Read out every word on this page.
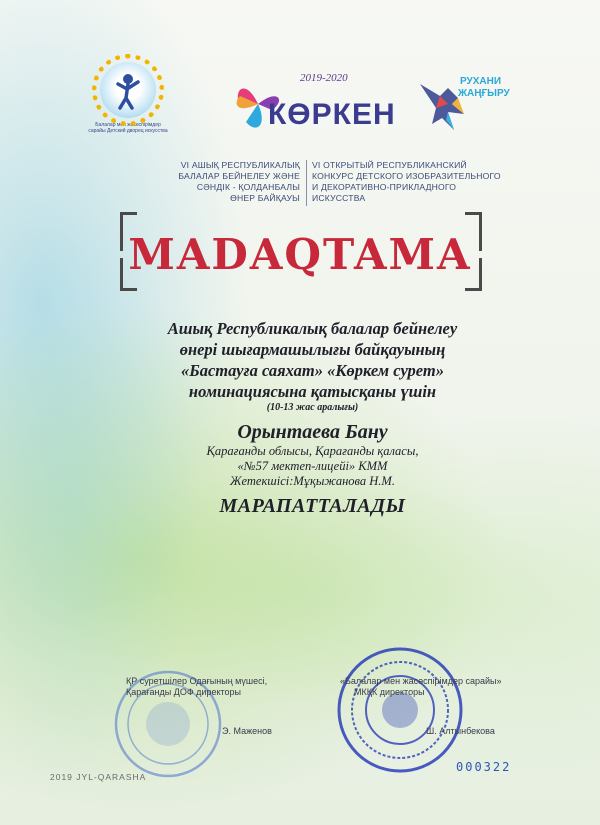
Балалар мен жасөспірімдер сарайы Детский дворец искусства
2019-2020
КӨРКЕН
РУХАНИ
ЖАҢҒЫРУ
VI АШЫҚ РЕСПУБЛИКАЛЫҚ
БАЛАЛАР БЕЙНЕЛЕУ ЖӘНЕ
СӘНДІК - ҚОЛДАНБАЛЫ
ӨНЕР БАЙҚАУЫ
VI ОТКРЫТЫЙ РЕСПУБЛИКАНСКИЙ
КОНКУРС ДЕТСКОГО ИЗОБРАЗИТЕЛЬНОГО
И ДЕКОРАТИВНО-ПРИКЛАДНОГО
ИСКУССТВА
MADAQTAMA
Ашық Республикалық балалар бейнелеу
өнері шығармашылығы байқауының
«Бастауға саяхат» «Көркем сурет»
номинациясына қатысқаны үшін
(10-13 жас аралығы)
Орынтаева Бану
Қарағанды облысы, Қарағанды қаласы,
«№57 мектеп-лицейі» КММ
Жетекшісі:Мұқыжанова Н.М.
МАРАПАТТАЛАДЫ
ҚР суретшілер Одағының мүшесі,
Қарағанды ДОФ директоры
Э. Маженов
«Балалар мен жасөспірімдер сарайы»
МКҚК директоры
Ш. Алтынбекова
2019 JYL-QARASHA
000322
